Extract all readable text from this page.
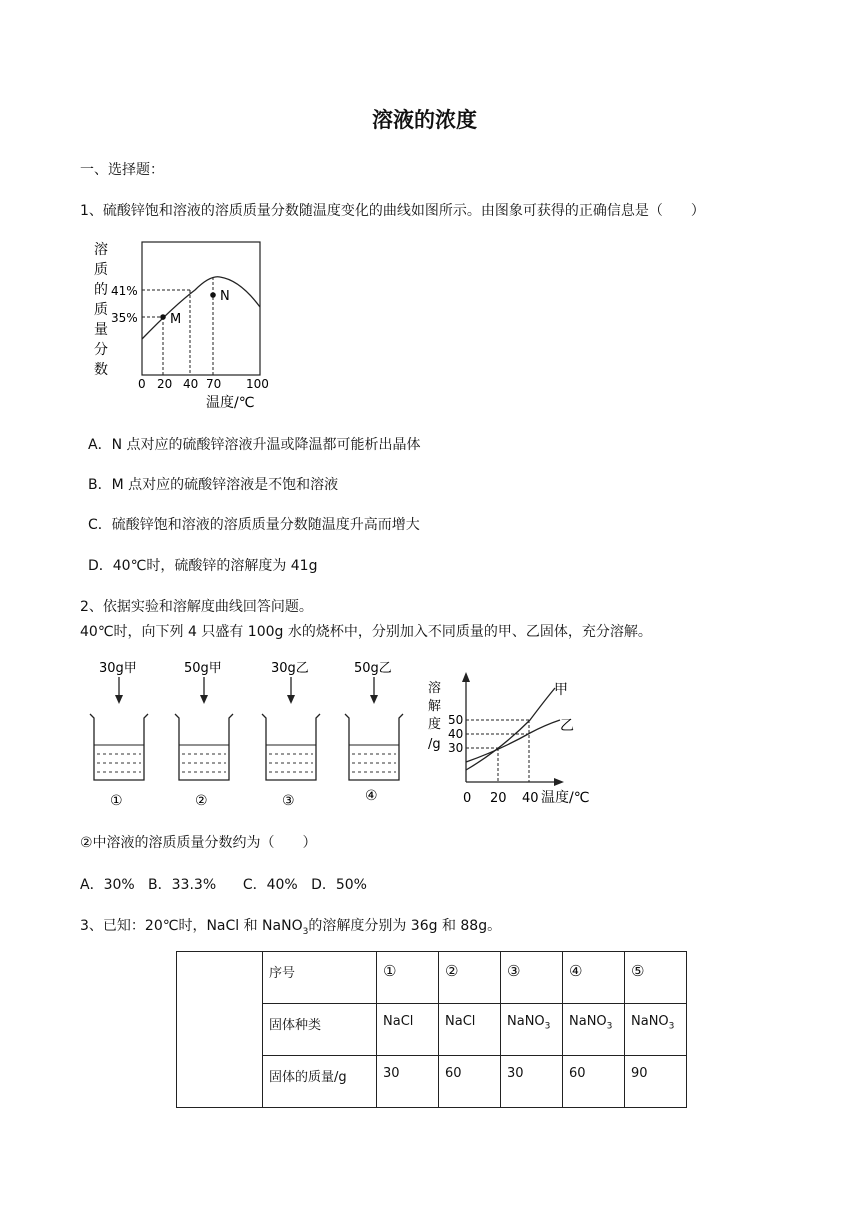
溶液的浓度
一、选择题：
1、硫酸锌饱和溶液的溶质质量分数随温度变化的曲线如图所示。由图象可获得的正确信息是（　　）
溶
质
的
质
量
分
数
M
N
41%
35%
0 20 40 70 100
温度/℃
A．N 点对应的硫酸锌溶液升温或降温都可能析出晶体
B．M 点对应的硫酸锌溶液是不饱和溶液
C．硫酸锌饱和溶液的溶质质量分数随温度升高而增大
D．40℃时，硫酸锌的溶解度为 41g
2、依据实验和溶解度曲线回答问题。
40℃时，向下列 4 只盛有 100g 水的烧杯中，分别加入不同质量的甲、乙固体，充分溶解。
30g甲
①
50g甲
②
30g乙
③
50g乙
④
溶
解
度
/g
50
40
30
0 20 40 温度/℃
甲
乙
②中溶液的溶质质量分数约为（　　）
A．30%   B．33.3%      C．40%   D．50%
3、已知：20℃时，NaCl 和 NaNO$_3$的溶解度分别为 36g 和 88g。
	序号	①	②	③	④	⑤
	固体种类	NaCl	NaCl	NaNO$_3$	NaNO$_3$	NaNO$_3$
	固体的质量/g	30	60	30	60	90
